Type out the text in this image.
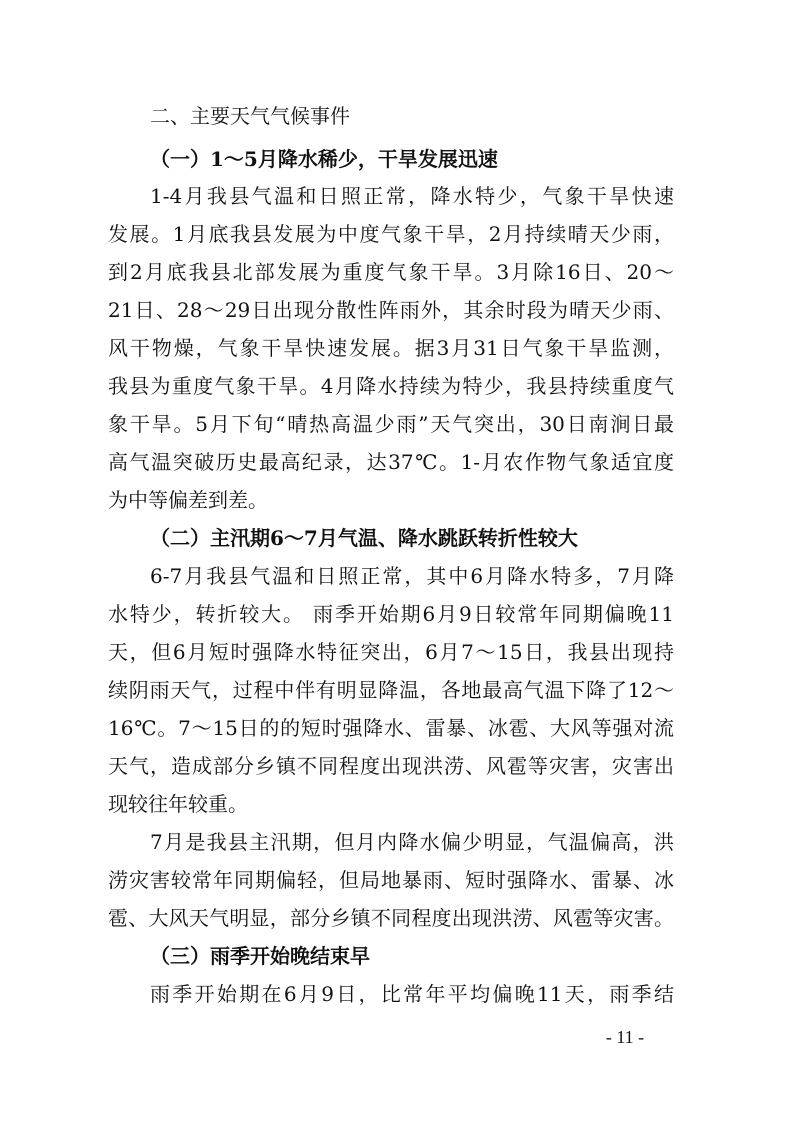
二、主要天气气候事件
（一）1～5月降水稀少，干旱发展迅速
1-4月我县气温和日照正常，降水特少，气象干旱快速
发展。1月底我县发展为中度气象干旱，2月持续晴天少雨，
到2月底我县北部发展为重度气象干旱。3月除16日、20～
21日、28～29日出现分散性阵雨外，其余时段为晴天少雨、
风干物燥，气象干旱快速发展。据3月31日气象干旱监测，
我县为重度气象干旱。4月降水持续为特少，我县持续重度气
象干旱。5月下旬“晴热高温少雨”天气突出，30日南涧日最
高气温突破历史最高纪录，达37℃。1-月农作物气象适宜度
为中等偏差到差。
（二）主汛期6～7月气温、降水跳跃转折性较大
6-7月我县气温和日照正常，其中6月降水特多，7月降
水特少，转折较大。 雨季开始期6月9日较常年同期偏晚11
天，但6月短时强降水特征突出，6月7～15日，我县出现持
续阴雨天气，过程中伴有明显降温，各地最高气温下降了12～
16℃。7～15日的的短时强降水、雷暴、冰雹、大风等强对流
天气，造成部分乡镇不同程度出现洪涝、风雹等灾害，灾害出
现较往年较重。
7月是我县主汛期，但月内降水偏少明显，气温偏高，洪
涝灾害较常年同期偏轻，但局地暴雨、短时强降水、雷暴、冰
雹、大风天气明显，部分乡镇不同程度出现洪涝、风雹等灾害。
（三）雨季开始晚结束早
雨季开始期在6月9日，比常年平均偏晚11天，雨季结
- 11 -
